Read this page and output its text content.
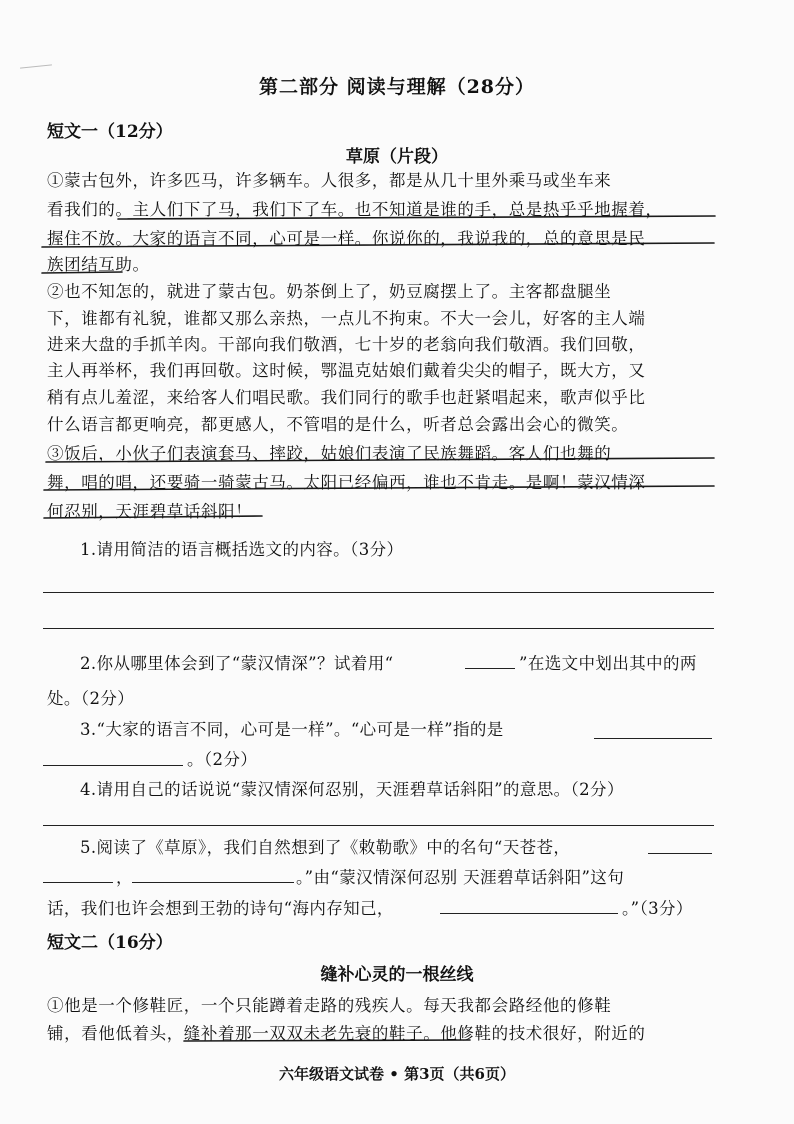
第二部分 阅读与理解（28分）
短文一（12分）
草原（片段）
①蒙古包外，许多匹马，许多辆车。人很多，都是从几十里外乘马或坐车来
看我们的。主人们下了马，我们下了车。也不知道是谁的手，总是热乎乎地握着，
握住不放。大家的语言不同，心可是一样。你说你的，我说我的，总的意思是民
族团结互助。
②也不知怎的，就进了蒙古包。奶茶倒上了，奶豆腐摆上了。主客都盘腿坐
下，谁都有礼貌，谁都又那么亲热，一点儿不拘束。不大一会儿，好客的主人端
进来大盘的手抓羊肉。干部向我们敬酒，七十岁的老翁向我们敬酒。我们回敬，
主人再举杯，我们再回敬。这时候，鄂温克姑娘们戴着尖尖的帽子，既大方，又
稍有点儿羞涩，来给客人们唱民歌。我们同行的歌手也赶紧唱起来，歌声似乎比
什么语言都更响亮，都更感人，不管唱的是什么，听者总会露出会心的微笑。
③饭后，小伙子们表演套马、摔跤，姑娘们表演了民族舞蹈。客人们也舞的
舞，唱的唱，还要骑一骑蒙古马。太阳已经偏西，谁也不肯走。是啊！蒙汉情深
何忍别，天涯碧草话斜阳！
1.请用简洁的语言概括选文的内容。（3分）
2.你从哪里体会到了“蒙汉情深”？试着用“	”在选文中划出其中的两
处。（2分）
3.“大家的语言不同，心可是一样”。“心可是一样”指的是
。（2分）
4.请用自己的话说说“蒙汉情深何忍别，天涯碧草话斜阳”的意思。（2分）
5.阅读了《草原》，我们自然想到了《敕勒歌》中的名句“天苍苍，
，	。”由“蒙汉情深何忍别 天涯碧草话斜阳”这句
话，我们也许会想到王勃的诗句“海内存知己，	。”（3分）
短文二（16分）
缝补心灵的一根丝线
①他是一个修鞋匠，一个只能蹲着走路的残疾人。每天我都会路经他的修鞋
铺，看他低着头，缝补着那一双双未老先衰的鞋子。他修鞋的技术很好，附近的
六年级语文试卷 • 第3页（共6页）
